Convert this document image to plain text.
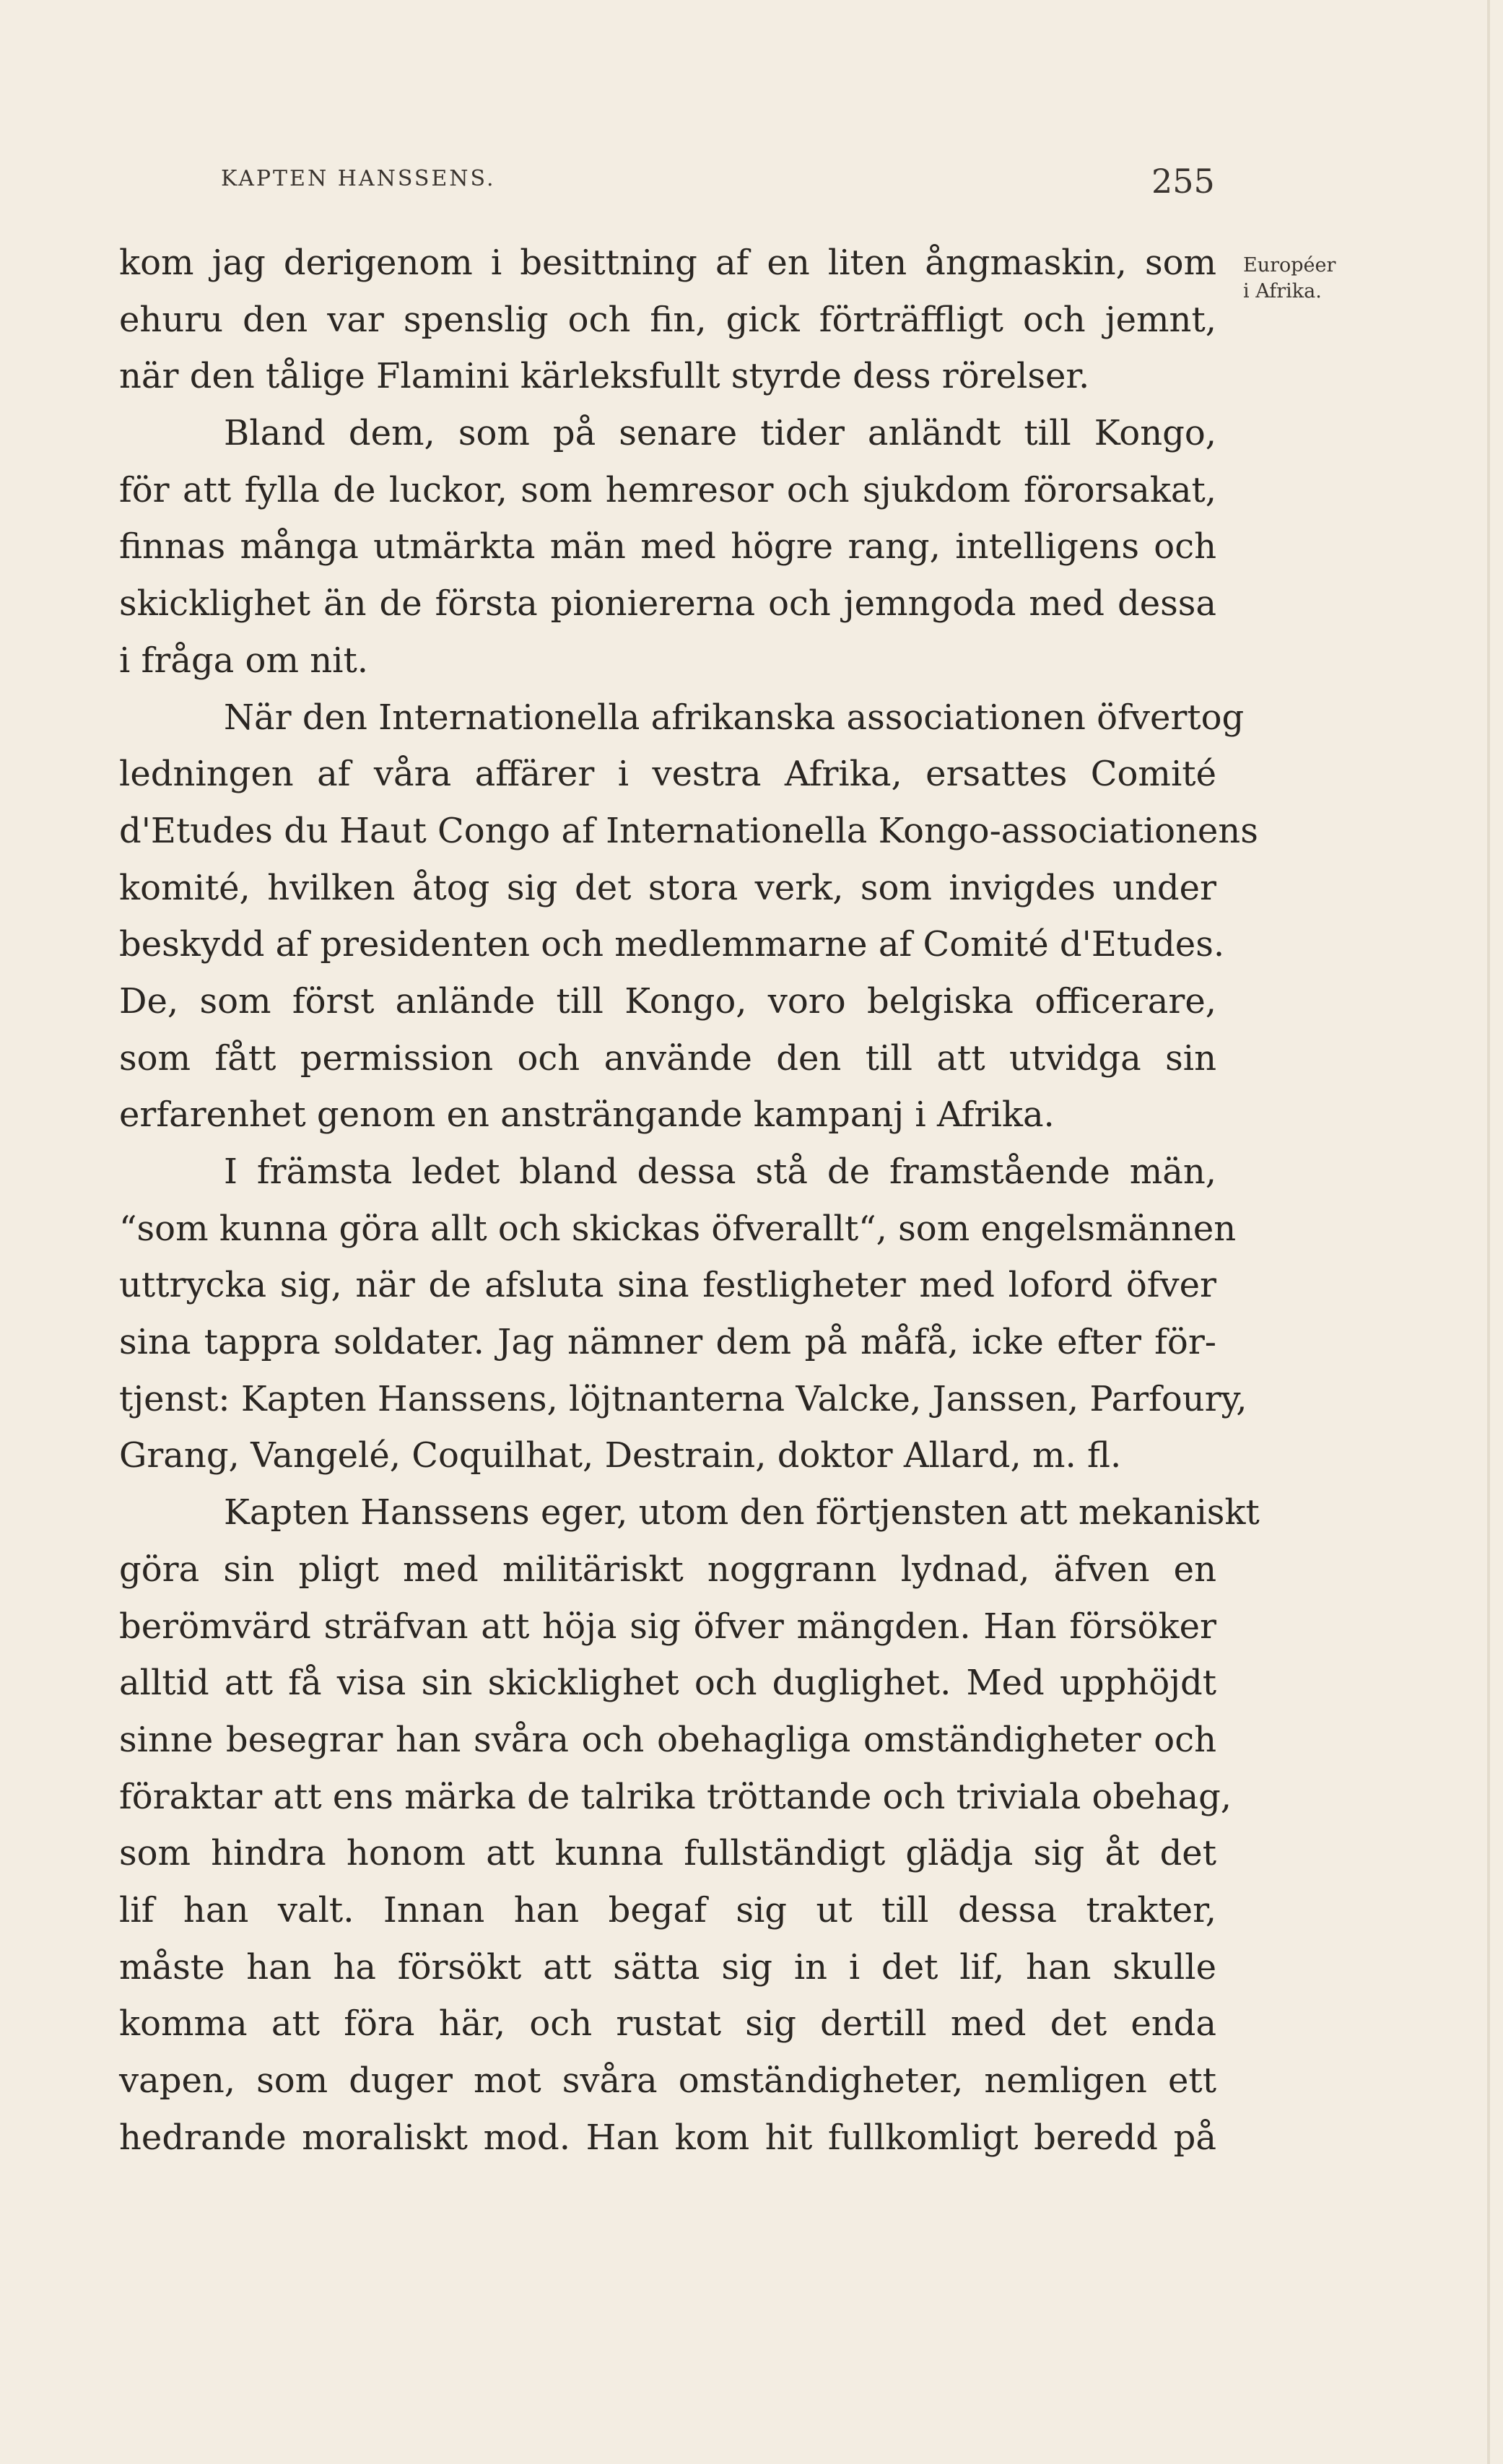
KAPTEN HANSSENS.	255
Européer
i Afrika.
kom jag derigenom i besittning af en liten ångmaskin, som
ehuru den var spenslig och fin, gick förträffligt och jemnt,
när den tålige Flamini kärleksfullt styrde dess rörelser.
Bland dem, som på senare tider anländt till Kongo,
för att fylla de luckor, som hemresor och sjukdom förorsakat,
finnas många utmärkta män med högre rang, intelligens och
skicklighet än de första pioniererna och jemngoda med dessa
i fråga om nit.
När den Internationella afrikanska associationen öfvertog
ledningen af våra affärer i vestra Afrika, ersattes Comité
d'Etudes du Haut Congo af Internationella Kongo-associationens
komité, hvilken åtog sig det stora verk, som invigdes under
beskydd af presidenten och medlemmarne af Comité d'Etudes.
De, som först anlände till Kongo, voro belgiska officerare,
som fått permission och använde den till att utvidga sin
erfarenhet genom en ansträngande kampanj i Afrika.
I främsta ledet bland dessa stå de framstående män,
“som kunna göra allt och skickas öfverallt“, som engelsmännen
uttrycka sig, när de afsluta sina festligheter med loford öfver
sina tappra soldater. Jag nämner dem på måfå, icke efter för-
tjenst: Kapten Hanssens, löjtnanterna Valcke, Janssen, Parfoury,
Grang, Vangelé, Coquilhat, Destrain, doktor Allard, m. fl.
Kapten Hanssens eger, utom den förtjensten att mekaniskt
göra sin pligt med militäriskt noggrann lydnad, äfven en
berömvärd sträfvan att höja sig öfver mängden. Han försöker
alltid att få visa sin skicklighet och duglighet. Med upphöjdt
sinne besegrar han svåra och obehagliga omständigheter och
föraktar att ens märka de talrika tröttande och triviala obehag,
som hindra honom att kunna fullständigt glädja sig åt det
lif han valt. Innan han begaf sig ut till dessa trakter,
måste han ha försökt att sätta sig in i det lif, han skulle
komma att föra här, och rustat sig dertill med det enda
vapen, som duger mot svåra omständigheter, nemligen ett
hedrande moraliskt mod. Han kom hit fullkomligt beredd på
